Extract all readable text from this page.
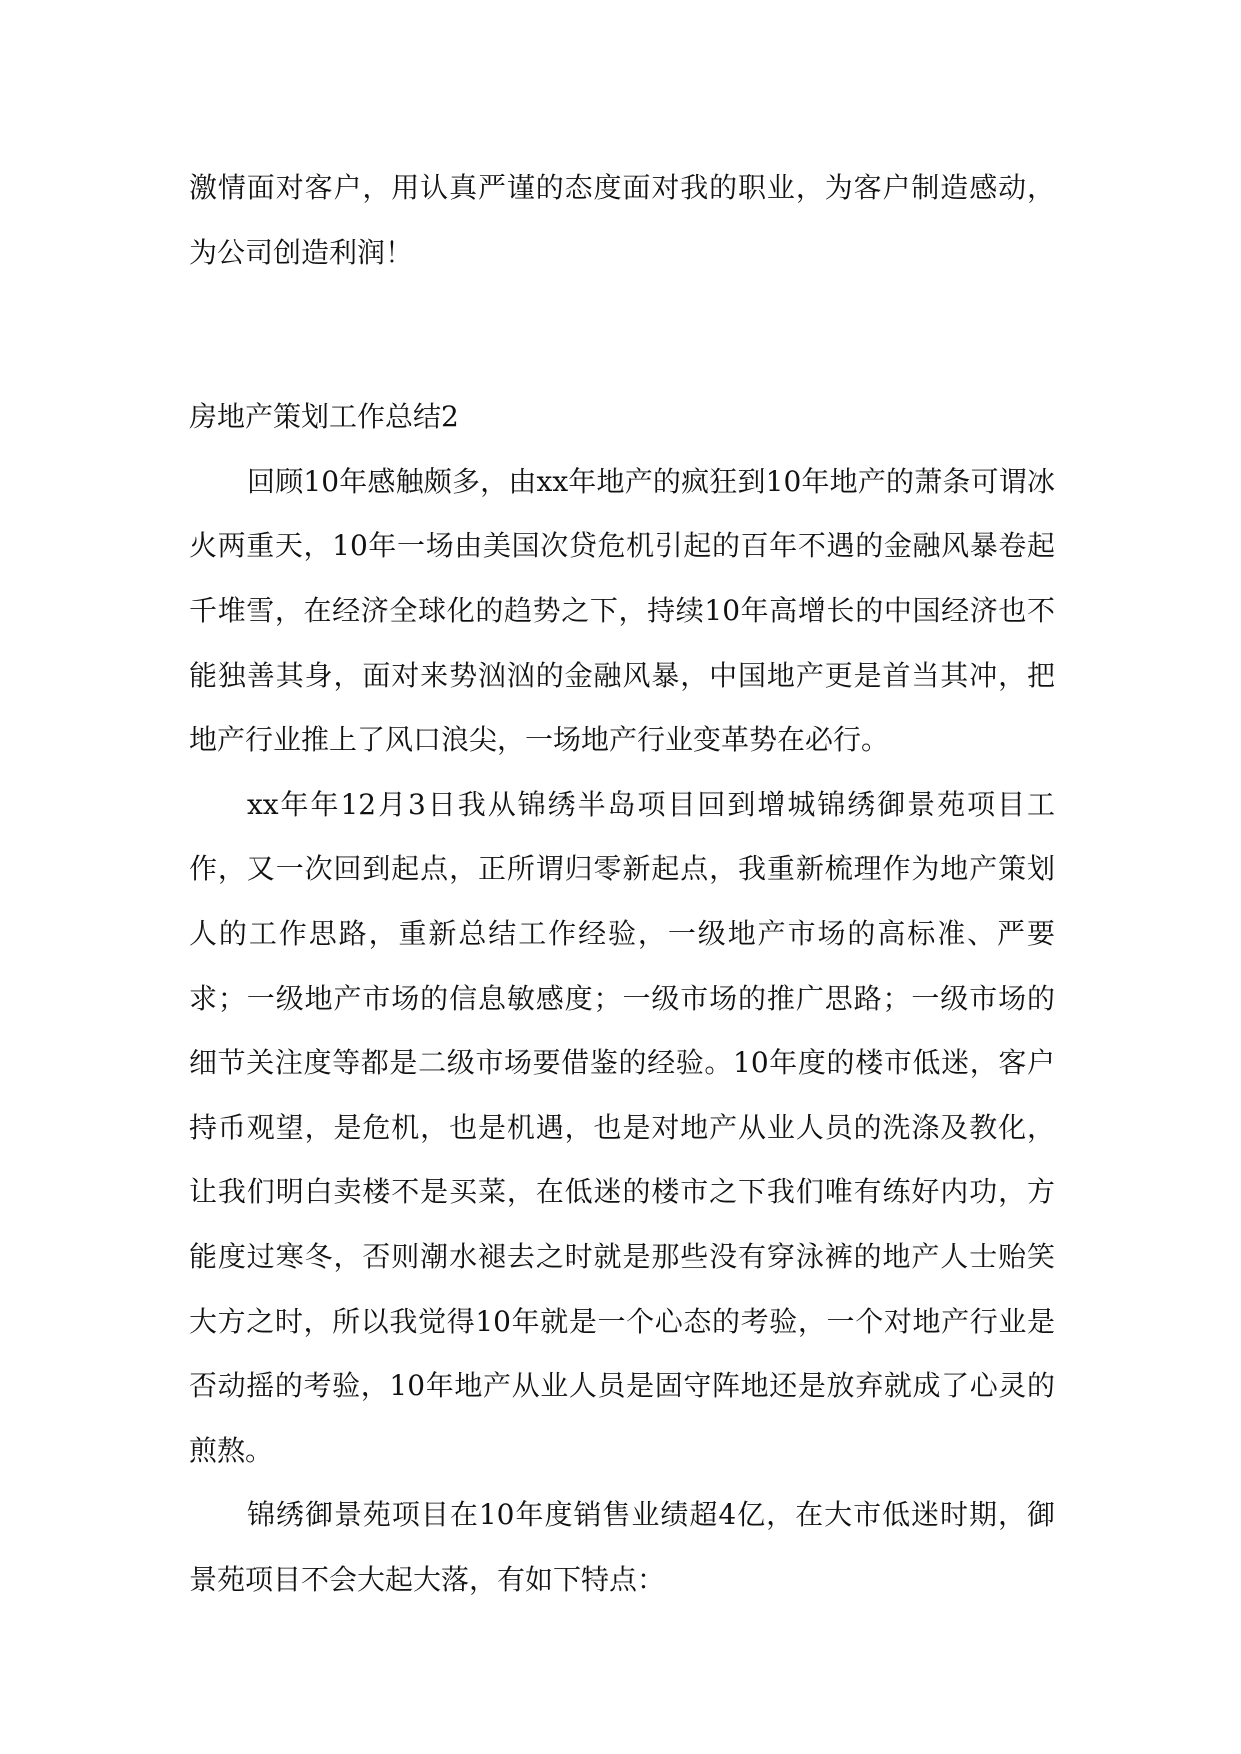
激情面对客户，用认真严谨的态度面对我的职业，为客户制造感动，为公司创造利润！

房地产策划工作总结2

回顾10年感触颇多，由xx年地产的疯狂到10年地产的萧条可谓冰火两重天，10年一场由美国次贷危机引起的百年不遇的金融风暴卷起千堆雪，在经济全球化的趋势之下，持续10年高增长的中国经济也不能独善其身，面对来势汹汹的金融风暴，中国地产更是首当其冲，把地产行业推上了风口浪尖，一场地产行业变革势在必行。

xx年年12月3日我从锦绣半岛项目回到增城锦绣御景苑项目工作，又一次回到起点，正所谓归零新起点，我重新梳理作为地产策划人的工作思路，重新总结工作经验，一级地产市场的高标准、严要求；一级地产市场的信息敏感度；一级市场的推广思路；一级市场的细节关注度等都是二级市场要借鉴的经验。10年度的楼市低迷，客户持币观望，是危机，也是机遇，也是对地产从业人员的洗涤及教化，让我们明白卖楼不是买菜，在低迷的楼市之下我们唯有练好内功，方能度过寒冬，否则潮水褪去之时就是那些没有穿泳裤的地产人士贻笑大方之时，所以我觉得10年就是一个心态的考验，一个对地产行业是否动摇的考验，10年地产从业人员是固守阵地还是放弃就成了心灵的煎熬。

锦绣御景苑项目在10年度销售业绩超4亿，在大市低迷时期，御景苑项目不会大起大落，有如下特点：
